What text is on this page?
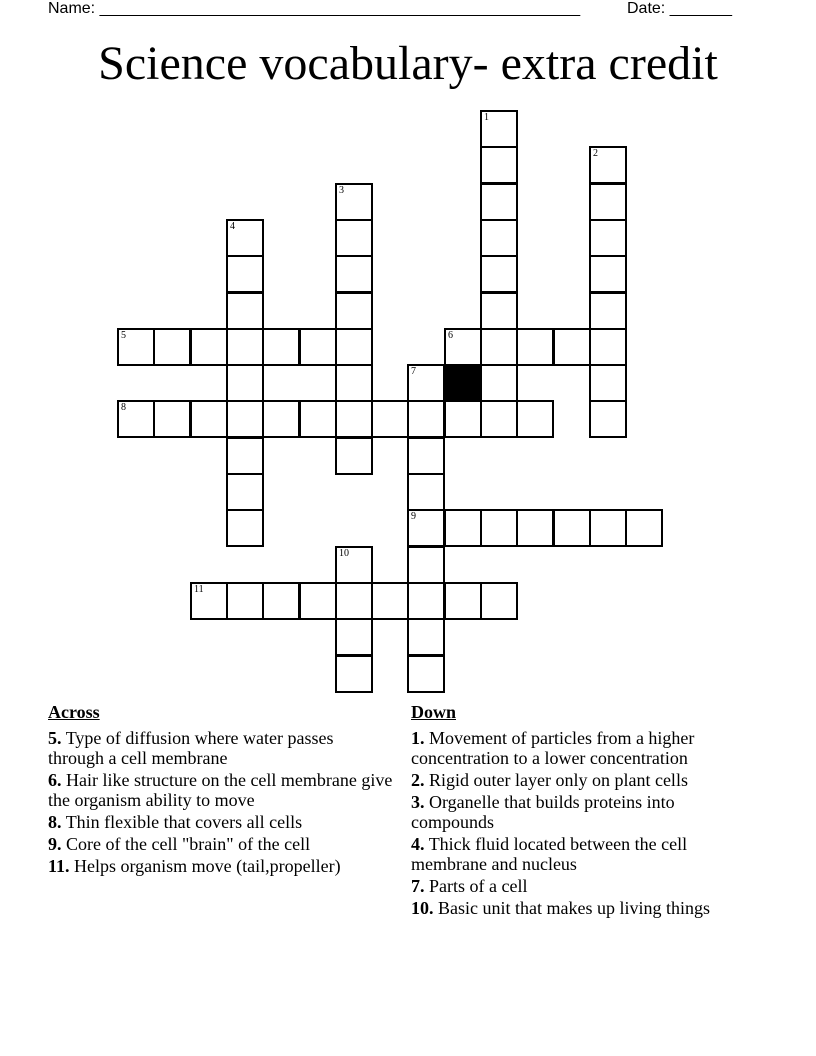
Name: ______________________________________________________	Date: _______
Science vocabulary- extra credit
1
2
3
4
5	6
7
8
9
10
11
Across
5. Type of diffusion where water passes through a cell membrane
6. Hair like structure on the cell membrane give the organism ability to move
8. Thin flexible that covers all cells
9. Core of the cell "brain" of the cell
11. Helps organism move (tail,propeller)
Down
1. Movement of particles from a higher concentration to a lower concentration
2. Rigid outer layer only on plant cells
3. Organelle that builds proteins into compounds
4. Thick fluid located between the cell membrane and nucleus
7. Parts of a cell
10. Basic unit that makes up living things
